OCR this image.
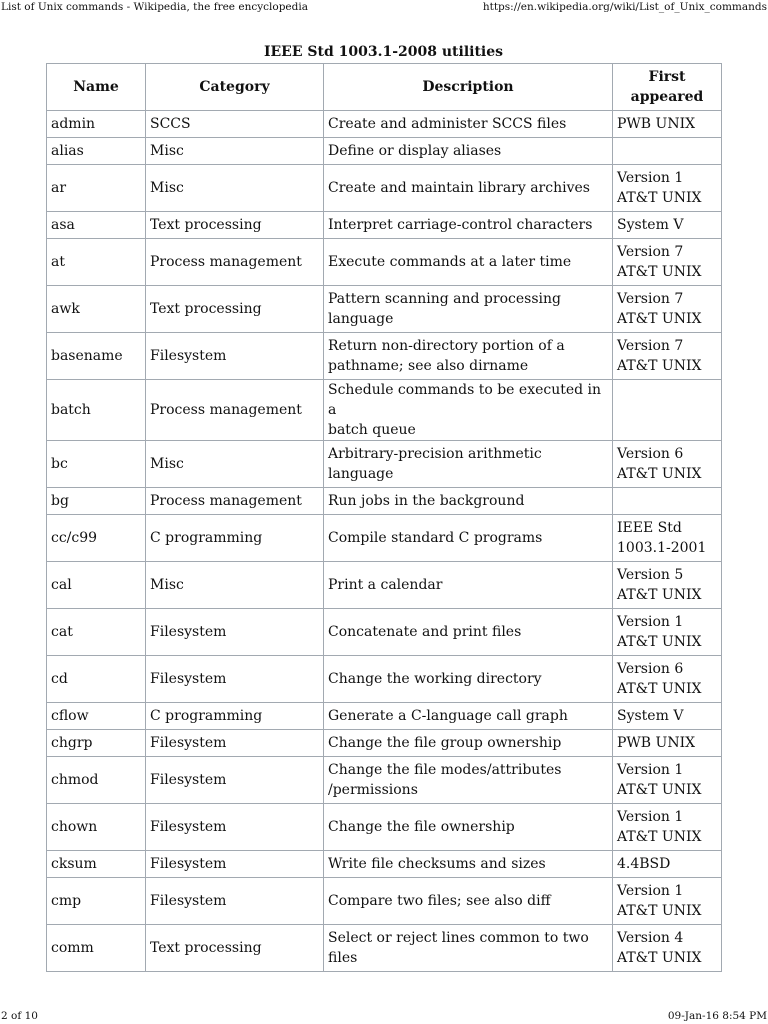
List of Unix commands - Wikipedia, the free encyclopedia	https://en.wikipedia.org/wiki/List_of_Unix_commands
IEEE Std 1003.1-2008 utilities
Name	Category	Description	First
appeared
admin	SCCS	Create and administer SCCS files	PWB UNIX
alias	Misc	Define or display aliases	
ar	Misc	Create and maintain library archives	Version 1
AT&T UNIX
asa	Text processing	Interpret carriage-control characters	System V
at	Process management	Execute commands at a later time	Version 7
AT&T UNIX
awk	Text processing	Pattern scanning and processing
language	Version 7
AT&T UNIX
basename	Filesystem	Return non-directory portion of a
pathname; see also dirname	Version 7
AT&T UNIX
batch	Process management	Schedule commands to be executed in a
batch queue	
bc	Misc	Arbitrary-precision arithmetic language	Version 6
AT&T UNIX
bg	Process management	Run jobs in the background	
cc/c99	C programming	Compile standard C programs	IEEE Std
1003.1-2001
cal	Misc	Print a calendar	Version 5
AT&T UNIX
cat	Filesystem	Concatenate and print files	Version 1
AT&T UNIX
cd	Filesystem	Change the working directory	Version 6
AT&T UNIX
cflow	C programming	Generate a C-language call graph	System V
chgrp	Filesystem	Change the file group ownership	PWB UNIX
chmod	Filesystem	Change the file modes/attributes
/permissions	Version 1
AT&T UNIX
chown	Filesystem	Change the file ownership	Version 1
AT&T UNIX
cksum	Filesystem	Write file checksums and sizes	4.4BSD
cmp	Filesystem	Compare two files; see also diff	Version 1
AT&T UNIX
comm	Text processing	Select or reject lines common to two
files	Version 4
AT&T UNIX
2 of 10	09-Jan-16 8:54 PM
